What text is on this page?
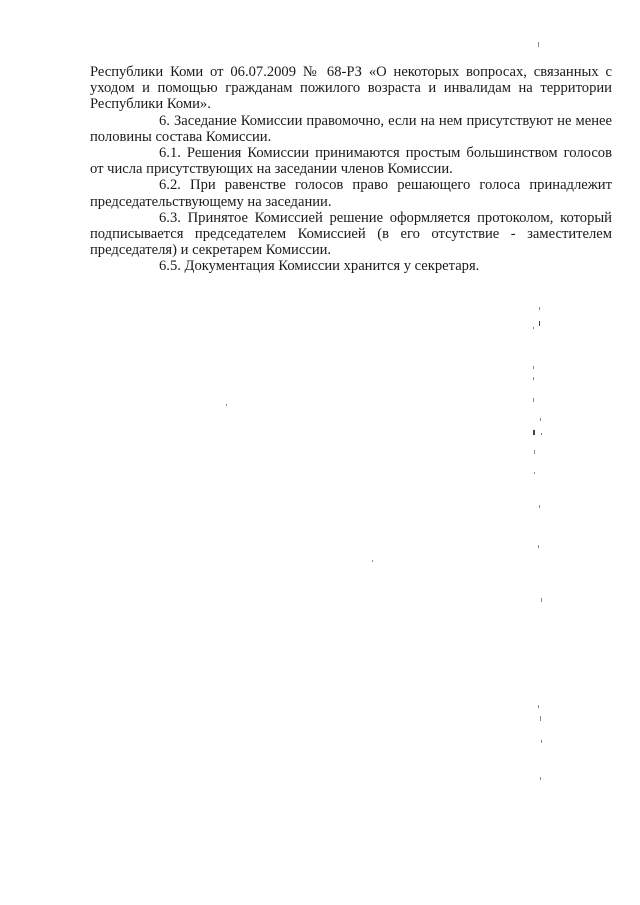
Республики Коми от 06.07.2009 № 68-РЗ «О некоторых вопросах, связанных с уходом и помощью гражданам пожилого возраста и инвалидам на территории Республики Коми».

6. Заседание Комиссии правомочно, если на нем присутствуют не менее половины состава Комиссии.

6.1. Решения Комиссии принимаются простым большинством голосов от числа присутствующих на заседании членов Комиссии.

6.2. При равенстве голосов право решающего голоса принадлежит председательствующему на заседании.

6.3. Принятое Комиссией решение оформляется протоколом, который подписывается председателем Комиссией (в его отсутствие - заместителем председателя) и секретарем Комиссии.

6.5. Документация Комиссии хранится у секретаря.
